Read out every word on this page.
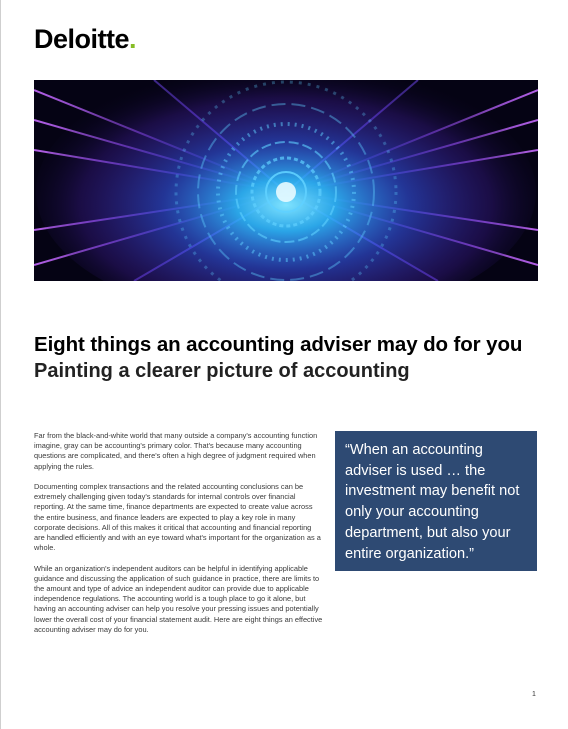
Deloitte.
Eight things an accounting adviser may do for you
Painting a clearer picture of accounting

Far from the black-and-white world that many outside a company's accounting function imagine, gray can be accounting's primary color. That's because many accounting questions are complicated, and there's often a high degree of judgment required when applying the rules.

Documenting complex transactions and the related accounting conclusions can be extremely challenging given today's standards for internal controls over financial reporting. At the same time, finance departments are expected to create value across the entire business, and finance leaders are expected to play a key role in many corporate decisions. All of this makes it critical that accounting and financial reporting are handled efficiently and with an eye toward what's important for the organization as a whole.

While an organization's independent auditors can be helpful in identifying applicable guidance and discussing the application of such guidance in practice, there are limits to the amount and type of advice an independent auditor can provide due to applicable independence regulations. The accounting world is a tough place to go it alone, but having an accounting adviser can help you resolve your pressing issues and potentially lower the overall cost of your financial statement audit. Here are eight things an effective accounting adviser may do for you.

“When an accounting adviser is used … the investment may benefit not only your accounting department, but also your entire organization.”

1
